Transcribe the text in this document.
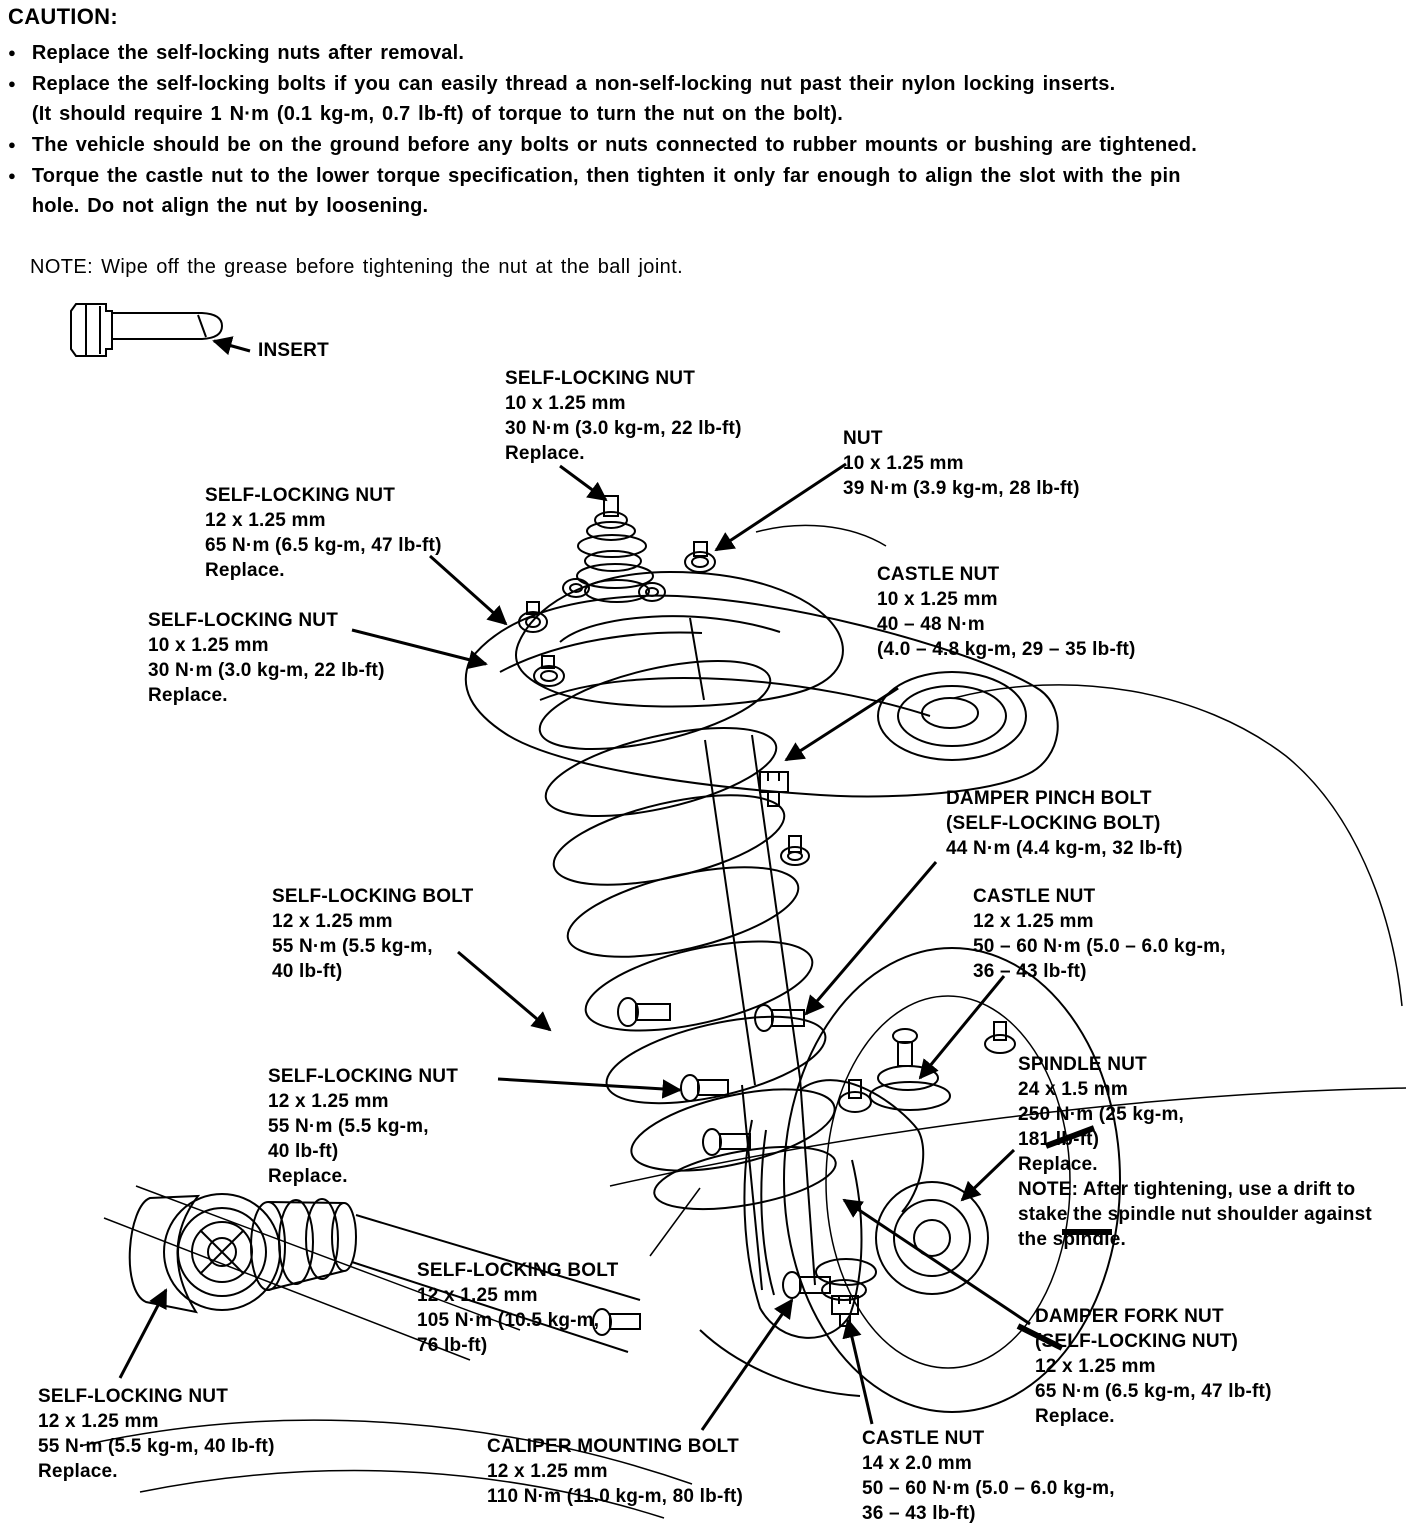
CAUTION:
● Replace the self-locking nuts after removal.
● Replace the self-locking bolts if you can easily thread a non-self-locking nut past their nylon locking inserts.
(It should require 1 N·m (0.1 kg-m, 0.7 lb-ft) of torque to turn the nut on the bolt).
● The vehicle should be on the ground before any bolts or nuts connected to rubber mounts or bushing are tightened.
● Torque the castle nut to the lower torque specification, then tighten it only far enough to align the slot with the pin
hole. Do not align the nut by loosening.
NOTE: Wipe off the grease before tightening the nut at the ball joint.
INSERT
SELF-LOCKING NUT
10 x 1.25 mm
30 N·m (3.0 kg-m, 22 lb-ft)
Replace.
NUT
10 x 1.25 mm
39 N·m (3.9 kg-m, 28 lb-ft)
SELF-LOCKING NUT
12 x 1.25 mm
65 N·m (6.5 kg-m, 47 lb-ft)
Replace.
SELF-LOCKING NUT
10 x 1.25 mm
30 N·m (3.0 kg-m, 22 lb-ft)
Replace.
CASTLE NUT
10 x 1.25 mm
40 – 48 N·m
(4.0 – 4.8 kg-m, 29 – 35 lb-ft)
DAMPER PINCH BOLT
(SELF-LOCKING BOLT)
44 N·m (4.4 kg-m, 32 lb-ft)
CASTLE NUT
12 x 1.25 mm
50 – 60 N·m (5.0 – 6.0 kg-m,
36 – 43 lb-ft)
SELF-LOCKING BOLT
12 x 1.25 mm
55 N·m (5.5 kg-m,
40 lb-ft)
SELF-LOCKING NUT
12 x 1.25 mm
55 N·m (5.5 kg-m,
40 lb-ft)
Replace.
SPINDLE NUT
24 x 1.5 mm
250 N·m (25 kg-m,
181 lb-ft)
Replace.
NOTE: After tightening, use a drift to
stake the spindle nut shoulder against
the spindle.
SELF-LOCKING BOLT
12 x 1.25 mm
105 N·m (10.5 kg-m,
76 lb-ft)
DAMPER FORK NUT
(SELF-LOCKING NUT)
12 x 1.25 mm
65 N·m (6.5 kg-m, 47 lb-ft)
Replace.
SELF-LOCKING NUT
12 x 1.25 mm
55 N·m (5.5 kg-m, 40 lb-ft)
Replace.
CALIPER MOUNTING BOLT
12 x 1.25 mm
110 N·m (11.0 kg-m, 80 lb-ft)
CASTLE NUT
14 x 2.0 mm
50 – 60 N·m (5.0 – 6.0 kg-m,
36 – 43 lb-ft)
